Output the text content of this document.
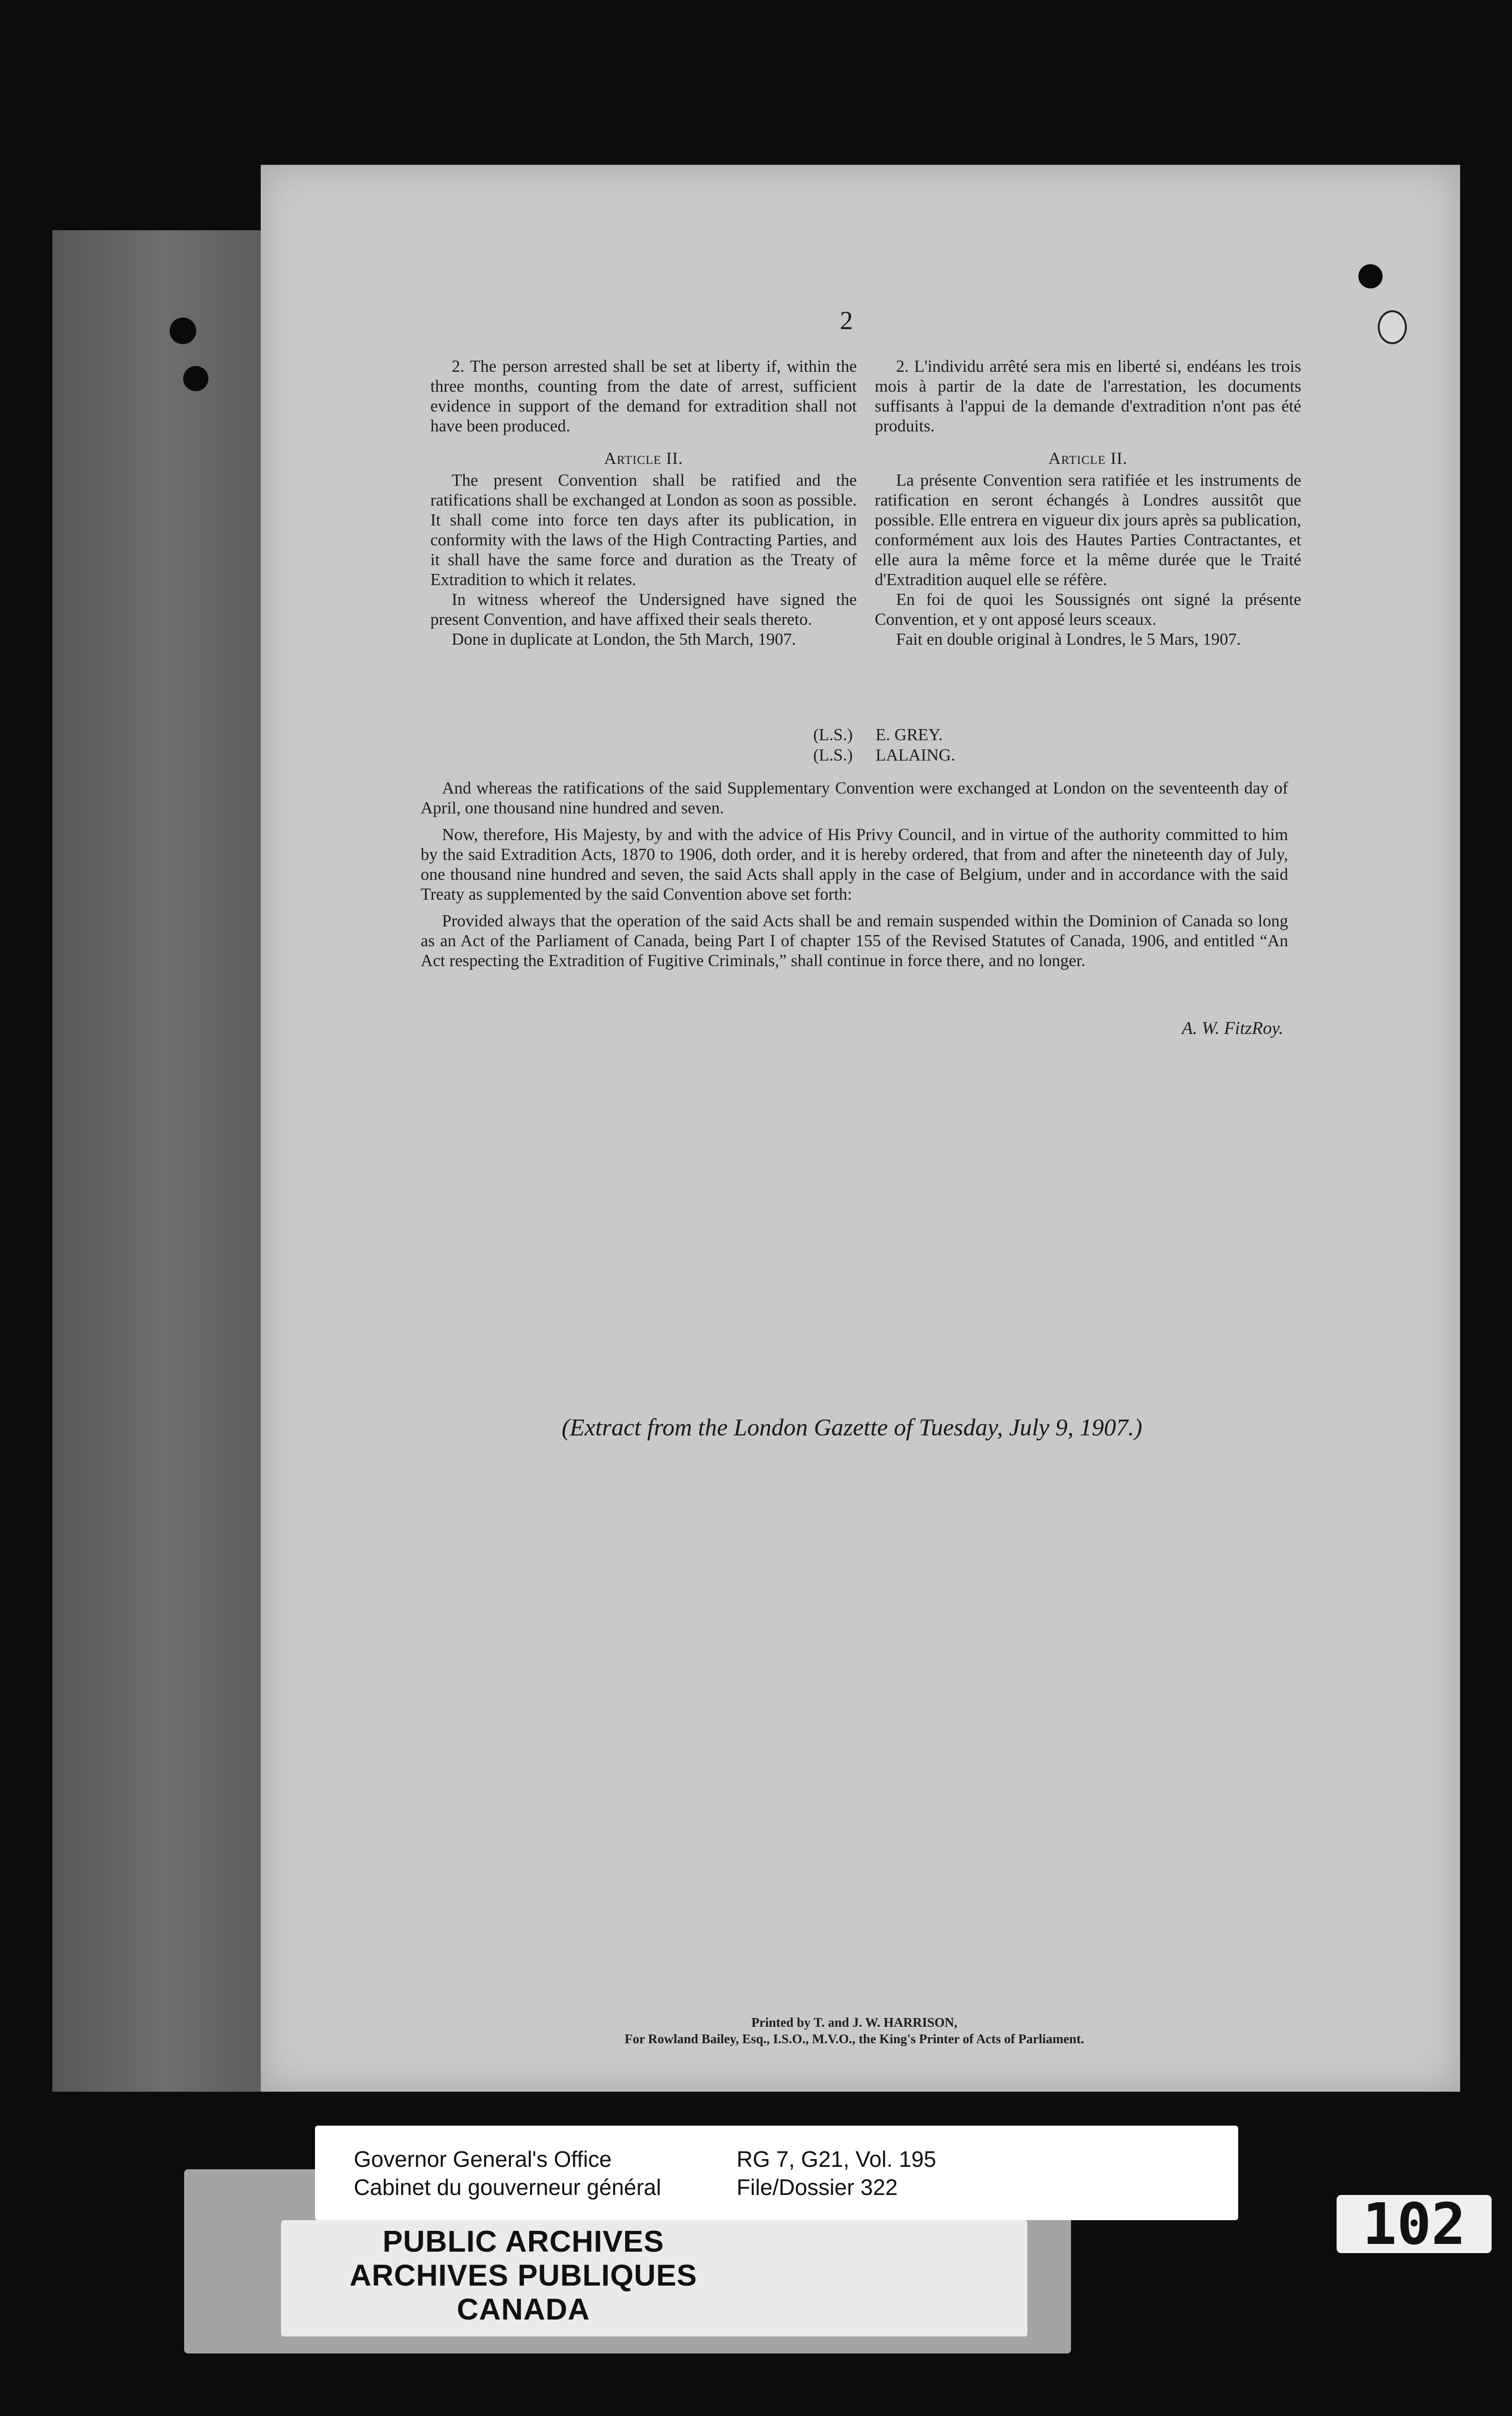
2

2. The person arrested shall be set at liberty if, within the three months, counting from the date of arrest, sufficient evidence in support of the demand for extradition shall not have been produced.

Article II.

The present Convention shall be ratified and the ratifications shall be exchanged at London as soon as possible. It shall come into force ten days after its publication, in conformity with the laws of the High Contracting Parties, and it shall have the same force and duration as the Treaty of Extradition to which it relates.

In witness whereof the Undersigned have signed the present Convention, and have affixed their seals thereto.

Done in duplicate at London, the 5th March, 1907.

2. L'individu arrêté sera mis en liberté si, endéans les trois mois à partir de la date de l'arrestation, les documents suffisants à l'appui de la demande d'extradition n'ont pas été produits.

Article II.

La présente Convention sera ratifiée et les instruments de ratification en seront échangés à Londres aussitôt que possible. Elle entrera en vigueur dix jours après sa publication, conformément aux lois des Hautes Parties Contractantes, et elle aura la même force et la même durée que le Traité d'Extradition auquel elle se réfère.

En foi de quoi les Soussignés ont signé la présente Convention, et y ont apposé leurs sceaux.

Fait en double original à Londres, le 5 Mars, 1907.

(L.S.) E. GREY.
(L.S.) LALAING.

And whereas the ratifications of the said Supplementary Convention were exchanged at London on the seventeenth day of April, one thousand nine hundred and seven.

Now, therefore, His Majesty, by and with the advice of His Privy Council, and in virtue of the authority committed to him by the said Extradition Acts, 1870 to 1906, doth order, and it is hereby ordered, that from and after the nineteenth day of July, one thousand nine hundred and seven, the said Acts shall apply in the case of Belgium, under and in accordance with the said Treaty as supplemented by the said Convention above set forth:

Provided always that the operation of the said Acts shall be and remain suspended within the Dominion of Canada so long as an Act of the Parliament of Canada, being Part I of chapter 155 of the Revised Statutes of Canada, 1906, and entitled “An Act respecting the Extradition of Fugitive Criminals,” shall continue in force there, and no longer.

A. W. FitzRoy.
(Extract from the London Gazette of Tuesday, July 9, 1907.)
Printed by T. and J. W. HARRISON,
For Rowland Bailey, Esq., I.S.O., M.V.O., the King's Printer of Acts of Parliament.
Governor General's Office
Cabinet du gouverneur général
RG 7, G21, Vol. 195
File/Dossier 322
PUBLIC ARCHIVES
ARCHIVES PUBLIQUES
CANADA
102
